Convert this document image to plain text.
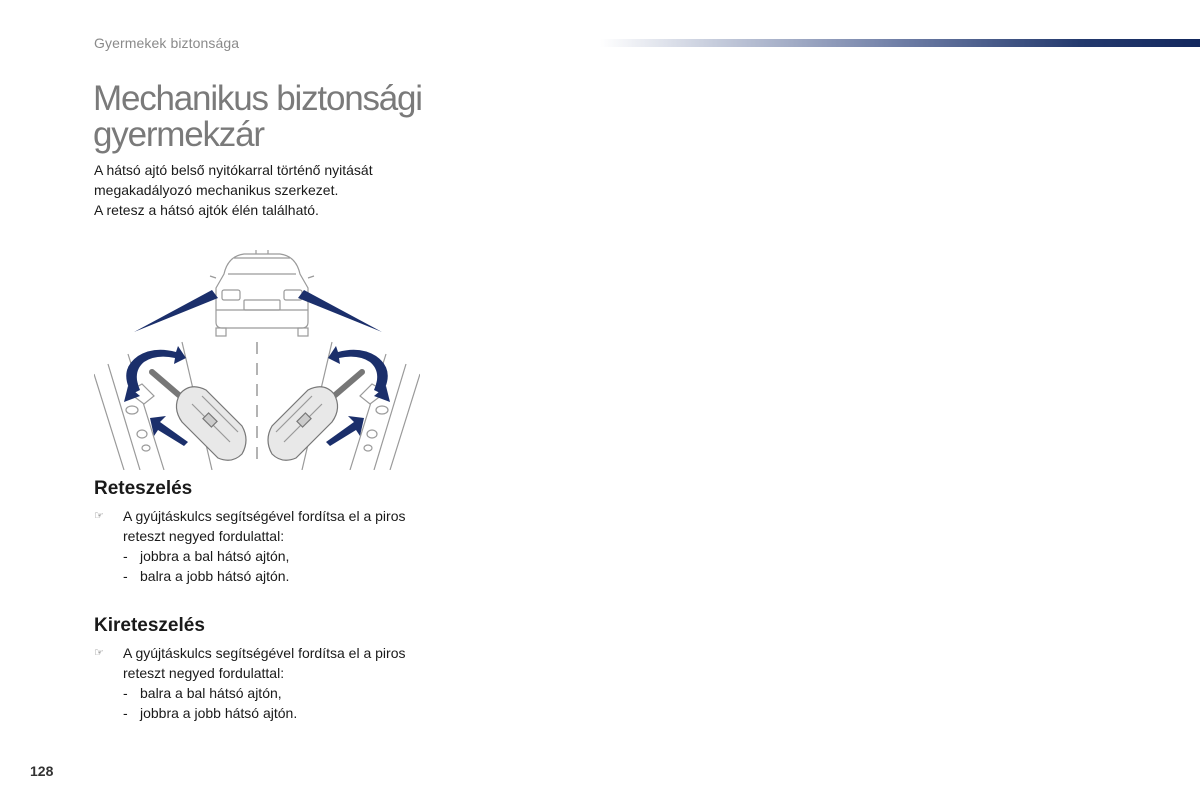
Gyermekek biztonsága
Mechanikus biztonsági gyermekzár

A hátsó ajtó belső nyitókarral történő nyitását megakadályozó mechanikus szerkezet.

A retesz a hátsó ajtók élén található.

Reteszelés
☞ A gyújtáskulcs segítségével fordítsa el a piros reteszt negyed fordulattal:
- jobbra a bal hátsó ajtón,
- balra a jobb hátsó ajtón.
Kireteszelés
☞ A gyújtáskulcs segítségével fordítsa el a piros reteszt negyed fordulattal:
- balra a bal hátsó ajtón,
- jobbra a jobb hátsó ajtón.
128
